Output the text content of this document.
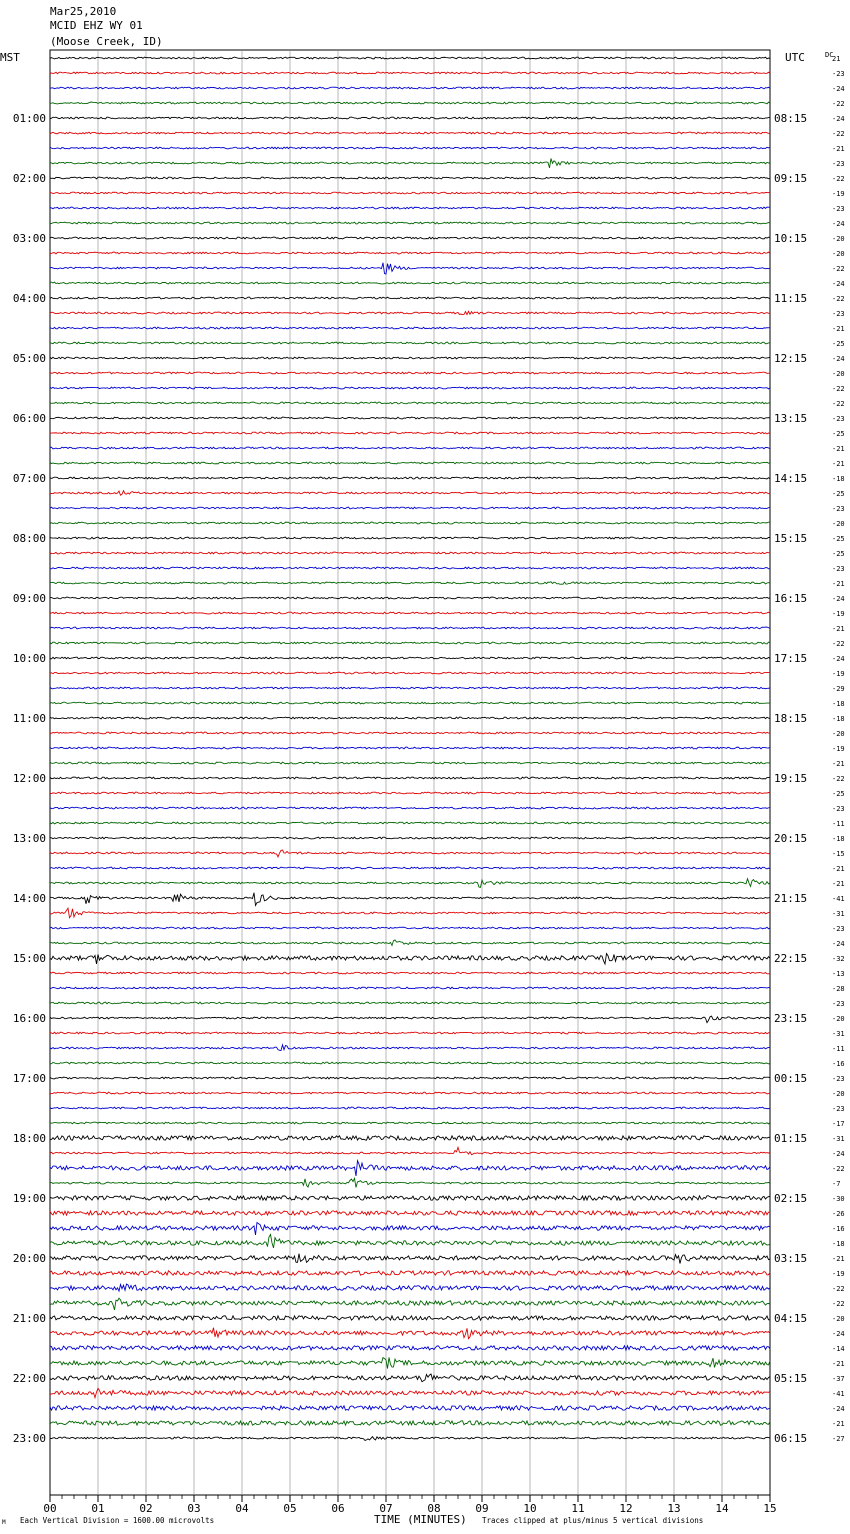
Mar25,2010
MCID EHZ WY 01
(Moose Creek, ID)
MST	UTC	DC
01:00
02:00
03:00
04:00
05:00
06:00
07:00
08:00
09:00
10:00
11:00
12:00
13:00
14:00
15:00
16:00
17:00
18:00
19:00
20:00
21:00
22:00
23:00
08:15
09:15
10:15
11:15
12:15
13:15
14:15
15:15
16:15
17:15
18:15
19:15
20:15
21:15
22:15
23:15
00:15
01:15
02:15
03:15
04:15
05:15
06:15
21
-23
-24
-22
-24
-22
-21
-23
-22
-19
-23
-24
-20
-20
-22
-24
-22
-23
-21
-25
-24
-20
-22
-22
-23
-25
-21
-21
-18
-25
-23
-20
-25
-25
-23
-21
-24
-19
-21
-22
-24
-19
-29
-18
-18
-20
-19
-21
-22
-25
-23
-11
-18
-15
-21
-21
-41
-31
-23
-24
-32
-13
-28
-23
-20
-31
-11
-16
-23
-20
-23
-17
-31
-24
-22
-7
-30
-26
-16
-18
-21
-19
-22
-22
-20
-24
-14
-21
-37
-41
-24
-21
-27
00	01	02	03	04	05	06	07	08	09	10	11	12	13	14	15
M Each Vertical Division = 1600.00 microvolts	TIME (MINUTES) Traces clipped at plus/minus 5 vertical divisions
